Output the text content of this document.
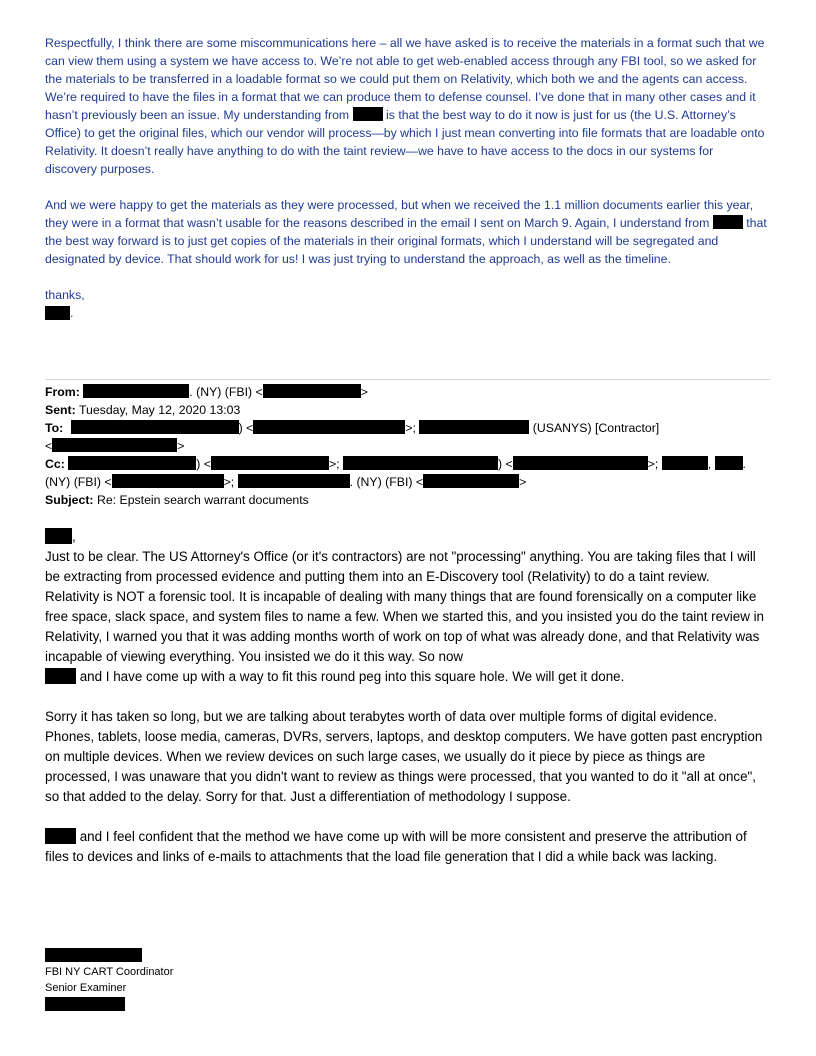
Respectfully, I think there are some miscommunications here – all we have asked is to receive the materials in a format such that we can view them using a system we have access to. We’re not able to get web-enabled access through any FBI tool, so we asked for the materials to be transferred in a loadable format so we could put them on Relativity, which both we and the agents can access. We’re required to have the files in a format that we can produce them to defense counsel. I’ve done that in many other cases and it hasn’t previously been an issue. My understanding from	is that the best way to do it now is just for us (the U.S. Attorney’s Office) to get the original files, which our vendor will process—by which I just mean converting into file formats that are loadable onto Relativity. It doesn’t really have anything to do with the taint review—we have to have access to the docs in our systems for discovery purposes.

And we were happy to get the materials as they were processed, but when we received the 1.1 million documents earlier this year, they were in a format that wasn’t usable for the reasons described in the email I sent on March 9. Again, I understand from	that the best way forward is to just get copies of the materials in their original formats, which I understand will be segregated and designated by device. That should work for us! I was just trying to understand the approach, as well as the timeline.

thanks,

.
From:	. (NY) (FBI) <	>
Sent: Tuesday, May 12, 2020 13:03
To:	) <	>;	(USANYS) [Contractor]
<	>
Cc:	) <	>;	) <	>;	, .
(NY) (FBI) <	>;	. (NY) (FBI) <	>
Subject: Re: Epstein search warrant documents
,
Just to be clear. The US Attorney's Office (or it's contractors) are not "processing" anything. You are taking files that I will be extracting from processed evidence and putting them into an E-Discovery tool (Relativity) to do a taint review.

Relativity is NOT a forensic tool. It is incapable of dealing with many things that are found forensically on a computer like free space, slack space, and system files to name a few. When we started this, and you insisted you do the taint review in Relativity, I warned you that it was adding months worth of work on top of what was already done, and that Relativity was incapable of viewing everything. You insisted we do it this way. So now
and I have come up with a way to fit this round peg into this square hole. We will get it done.

Sorry it has taken so long, but we are talking about terabytes worth of data over multiple forms of digital evidence. Phones, tablets, loose media, cameras, DVRs, servers, laptops, and desktop computers. We have gotten past encryption on multiple devices. When we review devices on such large cases, we usually do it piece by piece as things are processed, I was unaware that you didn't want to review as things were processed, that you wanted to do it "all at once", so that added to the delay. Sorry for that. Just a differentiation of methodology I suppose.

and I feel confident that the method we have come up with will be more consistent and preserve the attribution of files to devices and links of e-mails to attachments that the load file generation that I did a while back was lacking.

FBI NY CART Coordinator
Senior Examiner
